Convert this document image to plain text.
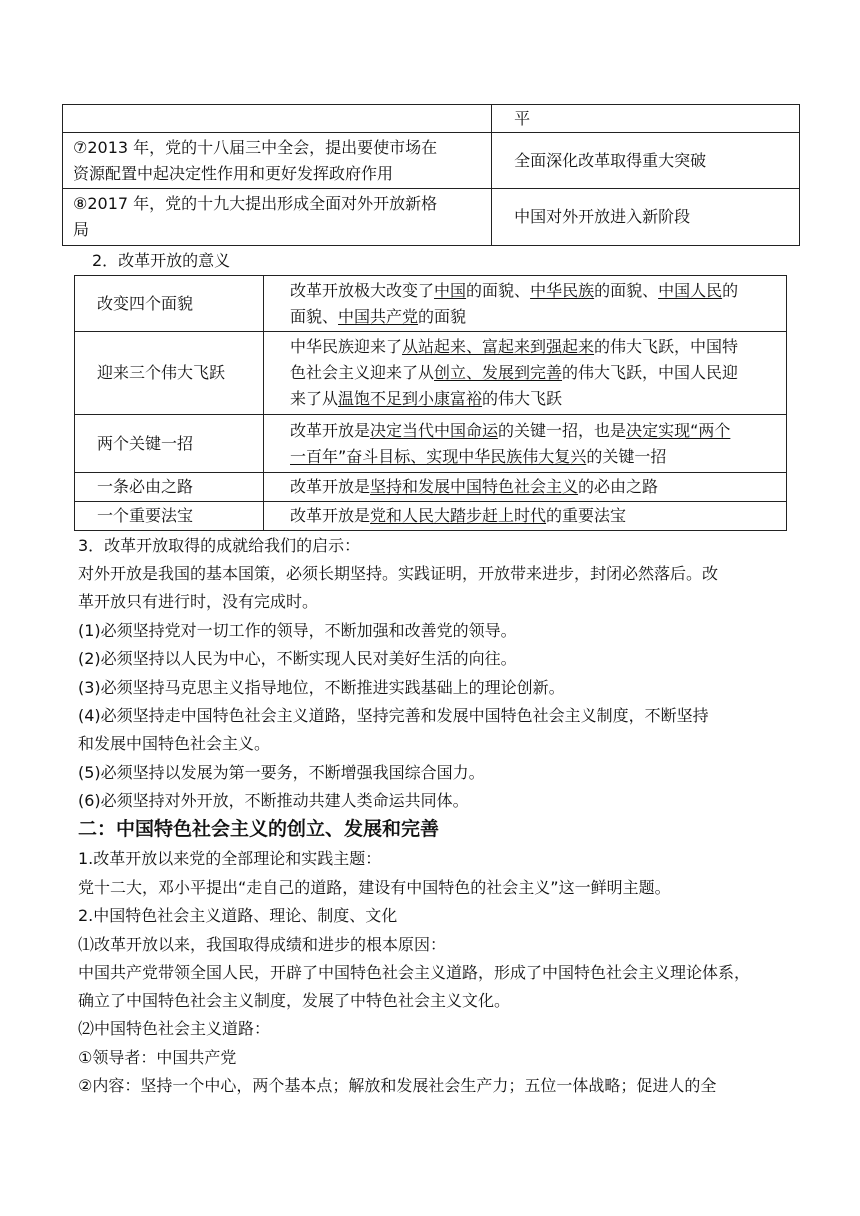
	平

⑦2013 年，党的十八届三中全会，提出要使市场在
资源配置中起决定性作用和更好发挥政府作用	全面深化改革取得重大突破

⑧2017 年，党的十九大提出形成全面对外开放新格
局	中国对外开放进入新阶段
2．改革开放的意义
改变四个面貌	改革开放极大改变了中国的面貌、中华民族的面貌、中国人民的
面貌、中国共产党的面貌

迎来三个伟大飞跃	中华民族迎来了从站起来、富起来到强起来的伟大飞跃，中国特
色社会主义迎来了从创立、发展到完善的伟大飞跃，中国人民迎
来了从温饱不足到小康富裕的伟大飞跃

两个关键一招	改革开放是决定当代中国命运的关键一招，也是决定实现“两个
一百年”奋斗目标、实现中华民族伟大复兴的关键一招

一条必由之路	改革开放是坚持和发展中国特色社会主义的必由之路
一个重要法宝	改革开放是党和人民大踏步赶上时代的重要法宝
3．改革开放取得的成就给我们的启示：
对外开放是我国的基本国策，必须长期坚持。实践证明，开放带来进步，封闭必然落后。改
革开放只有进行时，没有完成时。
(1)必须坚持党对一切工作的领导，不断加强和改善党的领导。
(2)必须坚持以人民为中心，不断实现人民对美好生活的向往。
(3)必须坚持马克思主义指导地位，不断推进实践基础上的理论创新。
(4)必须坚持走中国特色社会主义道路，坚持完善和发展中国特色社会主义制度，不断坚持
和发展中国特色社会主义。
(5)必须坚持以发展为第一要务，不断增强我国综合国力。
(6)必须坚持对外开放，不断推动共建人类命运共同体。
二：中国特色社会主义的创立、发展和完善
1.改革开放以来党的全部理论和实践主题：
党十二大，邓小平提出“走自己的道路，建设有中国特色的社会主义”这一鲜明主题。
2.中国特色社会主义道路、理论、制度、文化
⑴改革开放以来，我国取得成绩和进步的根本原因：
中国共产党带领全国人民，开辟了中国特色社会主义道路，形成了中国特色社会主义理论体系，
确立了中国特色社会主义制度，发展了中特色社会主义文化。
⑵中国特色社会主义道路：
①领导者：中国共产党
②内容：坚持一个中心，两个基本点；解放和发展社会生产力；五位一体战略；促进人的全
